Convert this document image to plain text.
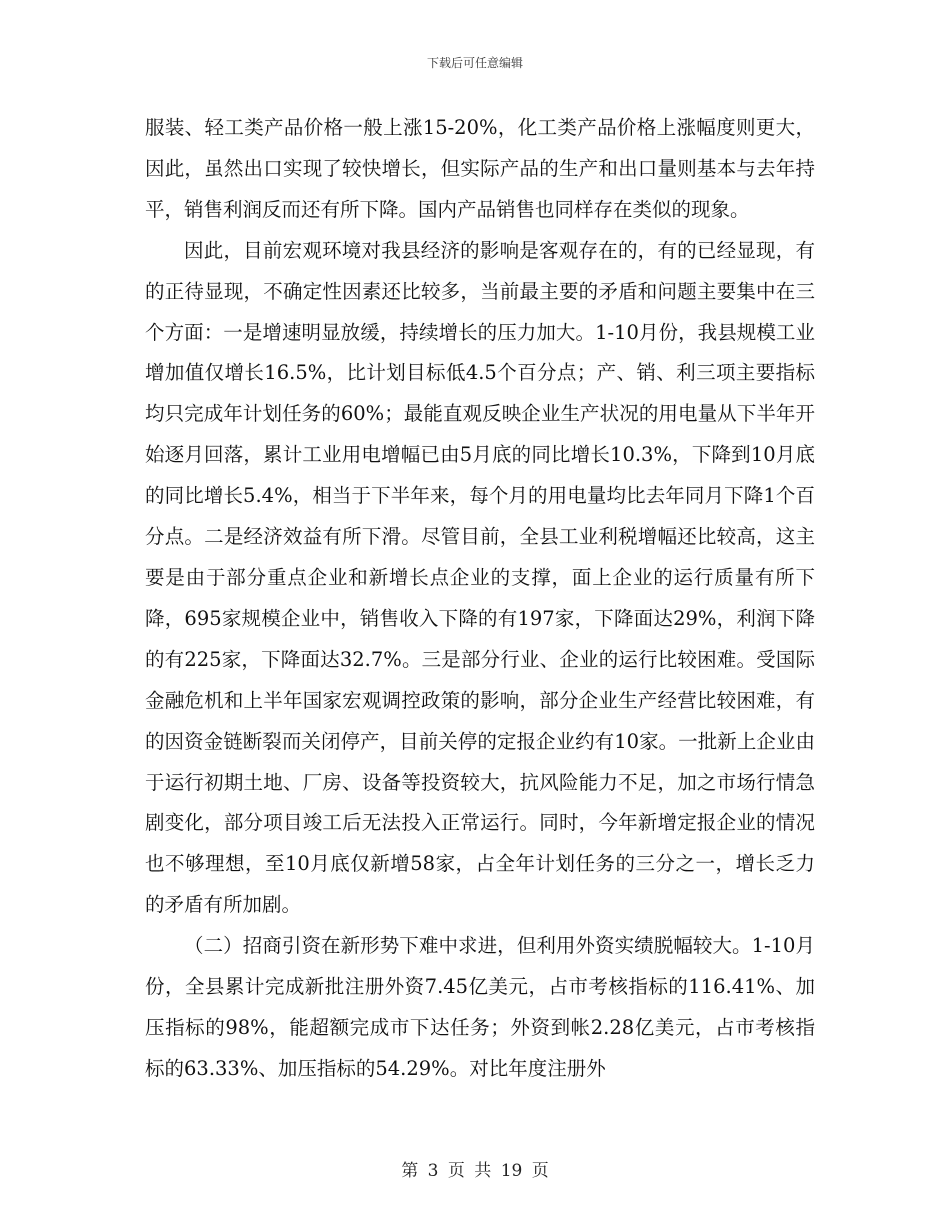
下载后可任意编辑

服装、轻工类产品价格一般上涨15-20%，化工类产品价格上涨幅度则更大，因此，虽然出口实现了较快增长，但实际产品的生产和出口量则基本与去年持平，销售利润反而还有所下降。国内产品销售也同样存在类似的现象。

因此，目前宏观环境对我县经济的影响是客观存在的，有的已经显现，有的正待显现，不确定性因素还比较多，当前最主要的矛盾和问题主要集中在三个方面：一是增速明显放缓，持续增长的压力加大。1-10月份，我县规模工业增加值仅增长16.5%，比计划目标低4.5个百分点；产、销、利三项主要指标均只完成年计划任务的60%；最能直观反映企业生产状况的用电量从下半年开始逐月回落，累计工业用电增幅已由5月底的同比增长10.3%，下降到10月底的同比增长5.4%，相当于下半年来，每个月的用电量均比去年同月下降1个百分点。二是经济效益有所下滑。尽管目前，全县工业利税增幅还比较高，这主要是由于部分重点企业和新增长点企业的支撑，面上企业的运行质量有所下降，695家规模企业中，销售收入下降的有197家，下降面达29%，利润下降的有225家，下降面达32.7%。三是部分行业、企业的运行比较困难。受国际金融危机和上半年国家宏观调控政策的影响，部分企业生产经营比较困难，有的因资金链断裂而关闭停产，目前关停的定报企业约有10家。一批新上企业由于运行初期土地、厂房、设备等投资较大，抗风险能力不足，加之市场行情急剧变化，部分项目竣工后无法投入正常运行。同时，今年新增定报企业的情况也不够理想，至10月底仅新增58家，占全年计划任务的三分之一，增长乏力的矛盾有所加剧。

（二）招商引资在新形势下难中求进，但利用外资实绩脱幅较大。1-10月份，全县累计完成新批注册外资7.45亿美元，占市考核指标的116.41%、加压指标的98%，能超额完成市下达任务；外资到帐2.28亿美元，占市考核指标的63.33%、加压指标的54.29%。对比年度注册外

第 3 页 共 19 页
